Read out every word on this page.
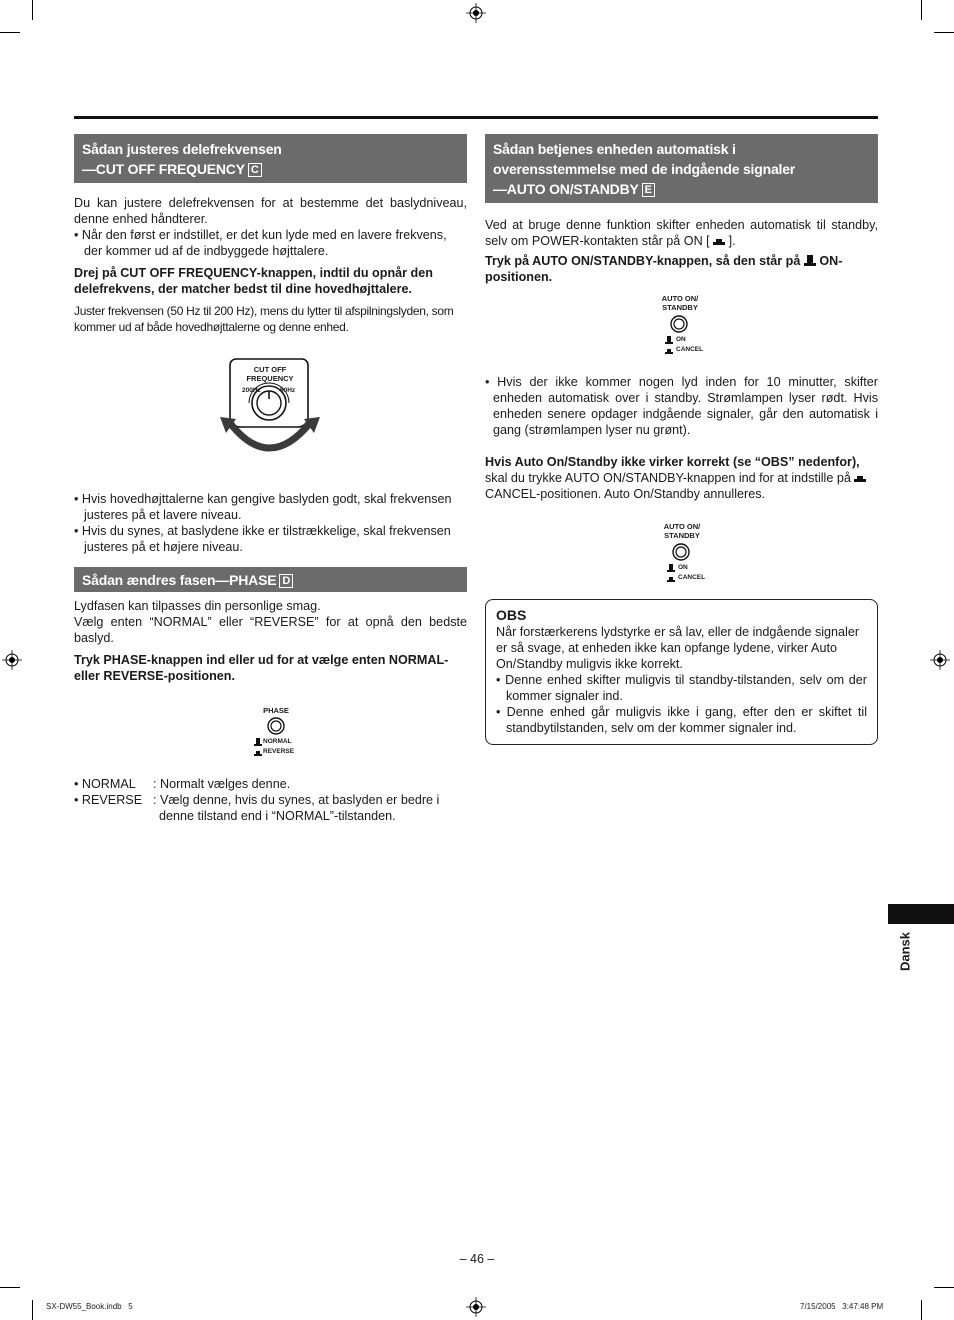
Sådan justeres delefrekvensen
—CUT OFF FREQUENCY C

Du kan justere delefrekvensen for at bestemme det baslydniveau, denne enhed håndterer.

• Når den først er indstillet, er det kun lyde med en lavere frekvens, der kommer ud af de indbyggede højttalere.

Drej på CUT OFF FREQUENCY-knappen, indtil du opnår den delefrekvens, der matcher bedst til dine hovedhøjttalere.

Juster frekvensen (50 Hz til 200 Hz), mens du lytter til afspilningslyden, som kommer ud af både hovedhøjttalerne og denne enhed.

CUT OFF
FREQUENCY
200Hz	50Hz

• Hvis hovedhøjttalerne kan gengive baslyden godt, skal frekvensen justeres på et lavere niveau.

• Hvis du synes, at baslydene ikke er tilstrækkelige, skal frekvensen justeres på et højere niveau.

Sådan ændres fasen—PHASE D

Lydfasen kan tilpasses din personlige smag.

Vælg enten “NORMAL” eller “REVERSE” for at opnå den bedste baslyd.

Tryk PHASE-knappen ind eller ud for at vælge enten NORMAL- eller REVERSE-positionen.

PHASE
NORMAL
REVERSE
• NORMAL	: Normalt vælges denne.
• REVERSE : Vælg denne, hvis du synes, at baslyden er bedre i denne tilstand end i “NORMAL”-tilstanden.
Sådan betjenes enheden automatisk i
overensstemmelse med de indgående signaler
—AUTO ON/STANDBY E

Ved at bruge denne funktion skifter enheden automatisk til standby, selv om POWER-kontakten står på ON [ ].

Tryk på AUTO ON/STANDBY-knappen, så den står på ON-positionen.

AUTO ON/
STANDBY
ON
CANCEL

• Hvis der ikke kommer nogen lyd inden for 10 minutter, skifter enheden automatisk over i standby. Strømlampen lyser rødt. Hvis enheden senere opdager indgående signaler, går den automatisk i gang (strømlampen lyser nu grønt).

Hvis Auto On/Standby ikke virker korrekt (se “OBS” nedenfor),

skal du trykke AUTO ON/STANDBY-knappen ind for at indstille på  CANCEL-positionen. Auto On/Standby annulleres.

AUTO ON/
STANDBY
ON
CANCEL

OBS

Når forstærkerens lydstyrke er så lav, eller de indgående signaler er så svage, at enheden ikke kan opfange lydene, virker Auto On/Standby muligvis ikke korrekt.

• Denne enhed skifter muligvis til standby-tilstanden, selv om der kommer signaler ind.

• Denne enhed går muligvis ikke i gang, efter den er skiftet til standbytilstanden, selv om der kommer signaler ind.

Dansk
– 46 –
SX-DW55_Book.indb   5	7/15/2005   3:47:48 PM
